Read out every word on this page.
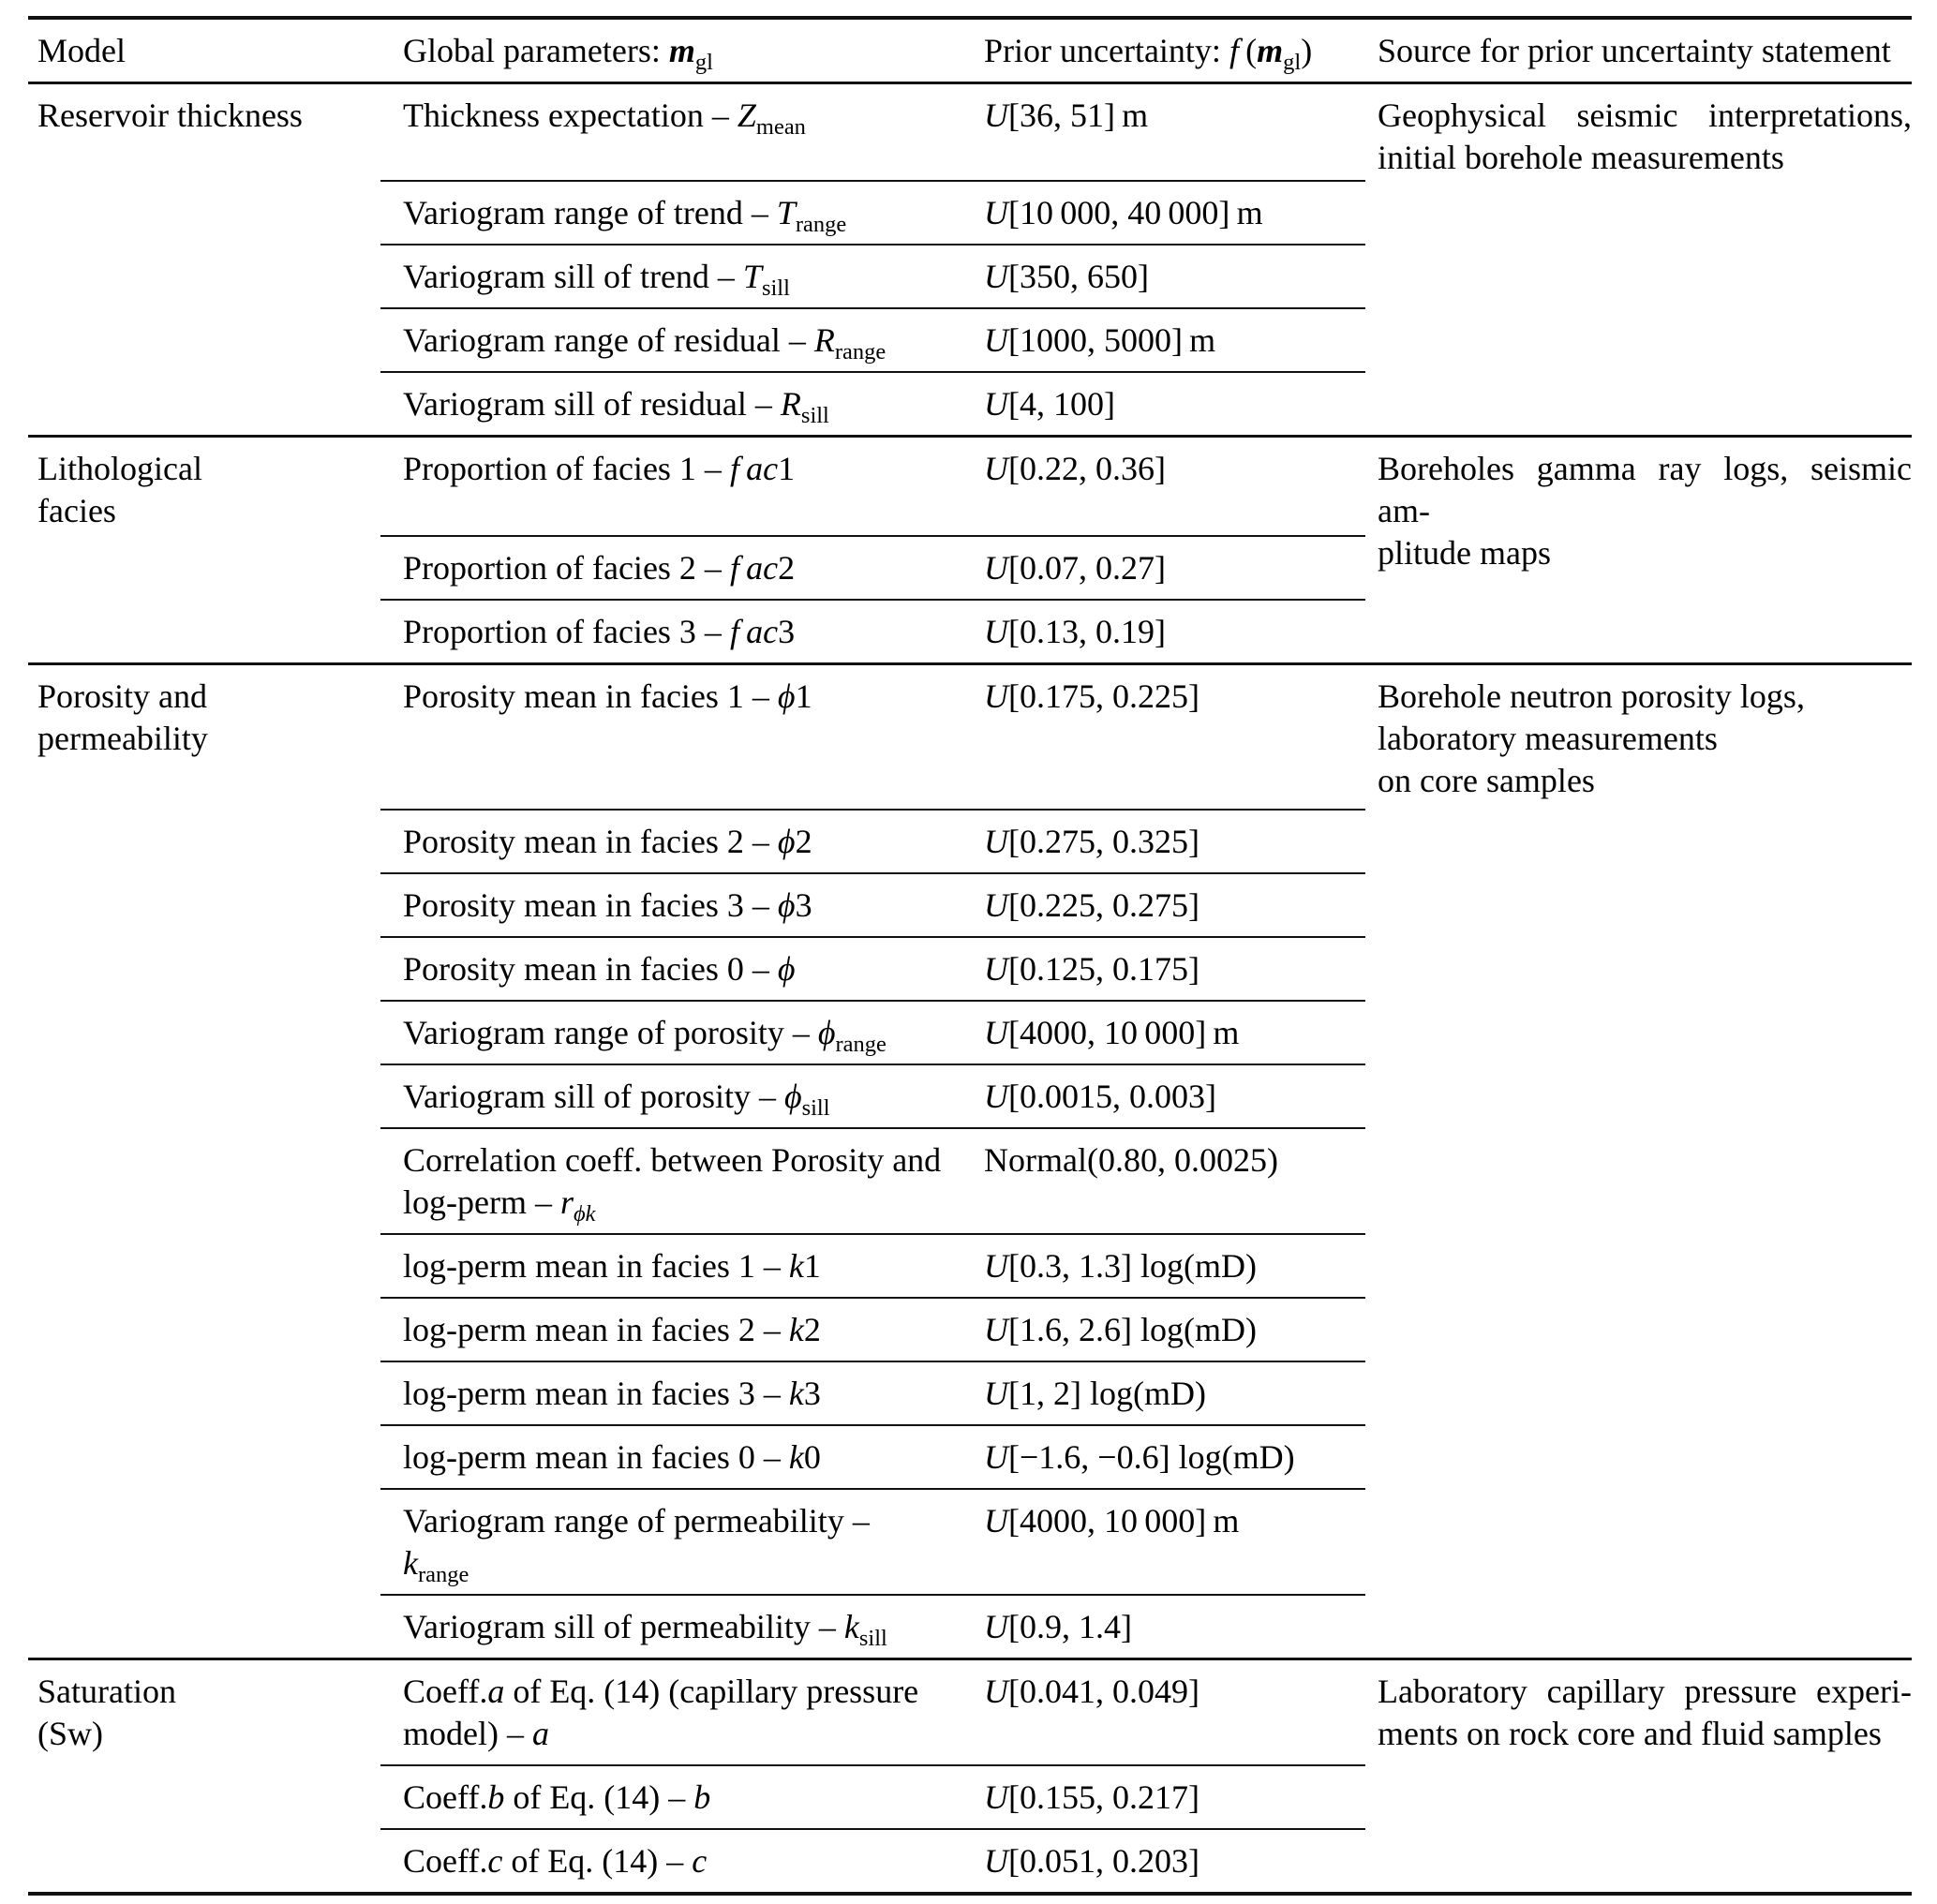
Model	Global parameters: $m_{gl}$	Prior uncertainty: f $(m_{gl})$	Source for prior uncertainty statement
Reservoir thickness	Thickness expectation – $Z_{mean}$	U[36, 51] m	Geophysical seismic interpretations,
initial borehole measurements

	Variogram range of trend – $T_{range}$	U[10 000, 40 000] m	
	Variogram sill of trend – $T_{sill}$	U[350, 650]	
	Variogram range of residual – $R_{range}$	U[1000, 5000] m	
	Variogram sill of residual – $R_{sill}$	U[4, 100]	
Lithological
facies	Proportion of facies 1 – f ac1	U[0.22, 0.36]	Boreholes gamma ray logs, seismic am-
plitude maps

	Proportion of facies 2 – f ac2	U[0.07, 0.27]	
	Proportion of facies 3 – f ac3	U[0.13, 0.19]	
Porosity and
permeability	Porosity mean in facies 1 – ϕ1	U[0.175, 0.225]	Borehole neutron porosity logs,
laboratory measurements
on core samples

	Porosity mean in facies 2 – ϕ2	U[0.275, 0.325]	
	Porosity mean in facies 3 – ϕ3	U[0.225, 0.275]	
	Porosity mean in facies 0 – ϕ	U[0.125, 0.175]	
	Variogram range of porosity – $\phi_{range}$	U[4000, 10 000] m	
	Variogram sill of porosity – $\phi_{sill}$	U[0.0015, 0.003]	
	Correlation coeff. between Porosity and
log-perm – $r_{\phi k}$	Normal(0.80, 0.0025)	
	log-perm mean in facies 1 – k1	U[0.3, 1.3] log(mD)	
	log-perm mean in facies 2 – k2	U[1.6, 2.6] log(mD)	
	log-perm mean in facies 3 – k3	U[1, 2] log(mD)	
	log-perm mean in facies 0 – k0	U[−1.6, −0.6] log(mD)	
	Variogram range of permeability –
$k_{range}$	U[4000, 10 000] m	
	Variogram sill of permeability – $k_{sill}$	U[0.9, 1.4]	
Saturation
(Sw)	Coeff.a of Eq. (14) (capillary pressure
model) – a	U[0.041, 0.049]	Laboratory capillary pressure experi-
ments on rock core and fluid samples

	Coeff.b of Eq. (14) – b	U[0.155, 0.217]	
	Coeff.c of Eq. (14) – c	U[0.051, 0.203]	
